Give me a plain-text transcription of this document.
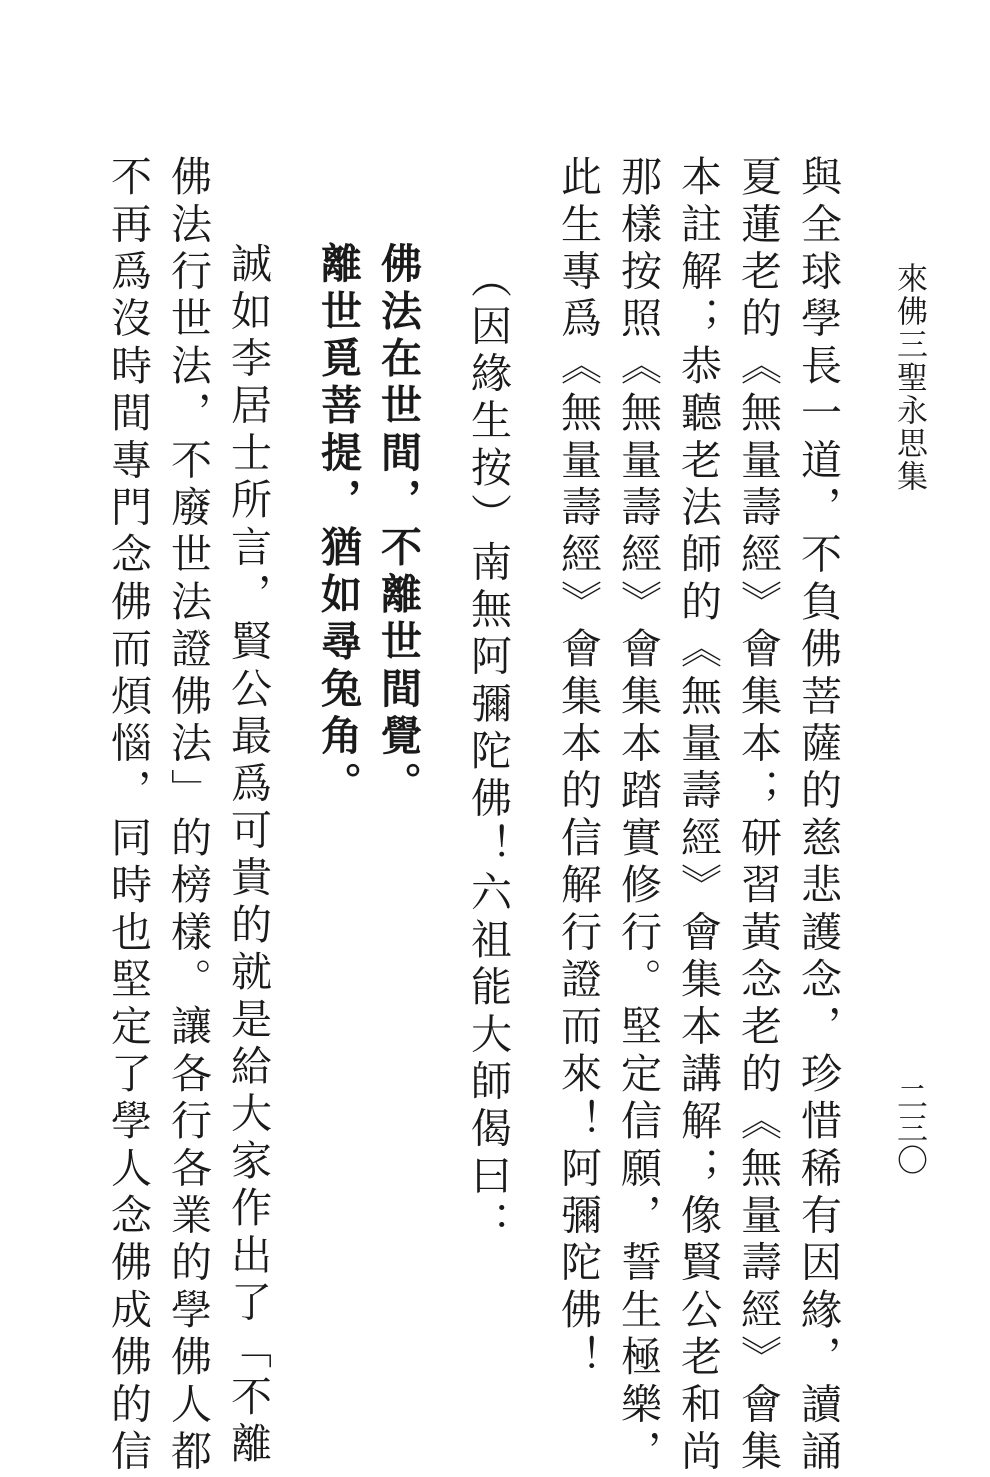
來佛三聖永思集
二三〇
與全球學長一道，不負佛菩薩的慈悲護念，珍惜稀有因緣，讀誦
夏蓮老的《無量壽經》會集本；研習黃念老的《無量壽經》會集
本註解；恭聽老法師的《無量壽經》會集本講解；像賢公老和尚
那樣按照《無量壽經》會集本踏實修行。堅定信願，誓生極樂，
此生專爲《無量壽經》會集本的信解行證而來！阿彌陀佛！
（因緣生按）南無阿彌陀佛！六祖能大師偈曰：
佛法在世間，不離世間覺。
離世覓菩提，猶如尋兔角。
誠如李居士所言，賢公最爲可貴的就是給大家作出了「不離
佛法行世法，不廢世法證佛法」的榜樣。讓各行各業的學佛人都
不再爲沒時間專門念佛而煩惱，同時也堅定了學人念佛成佛的信
